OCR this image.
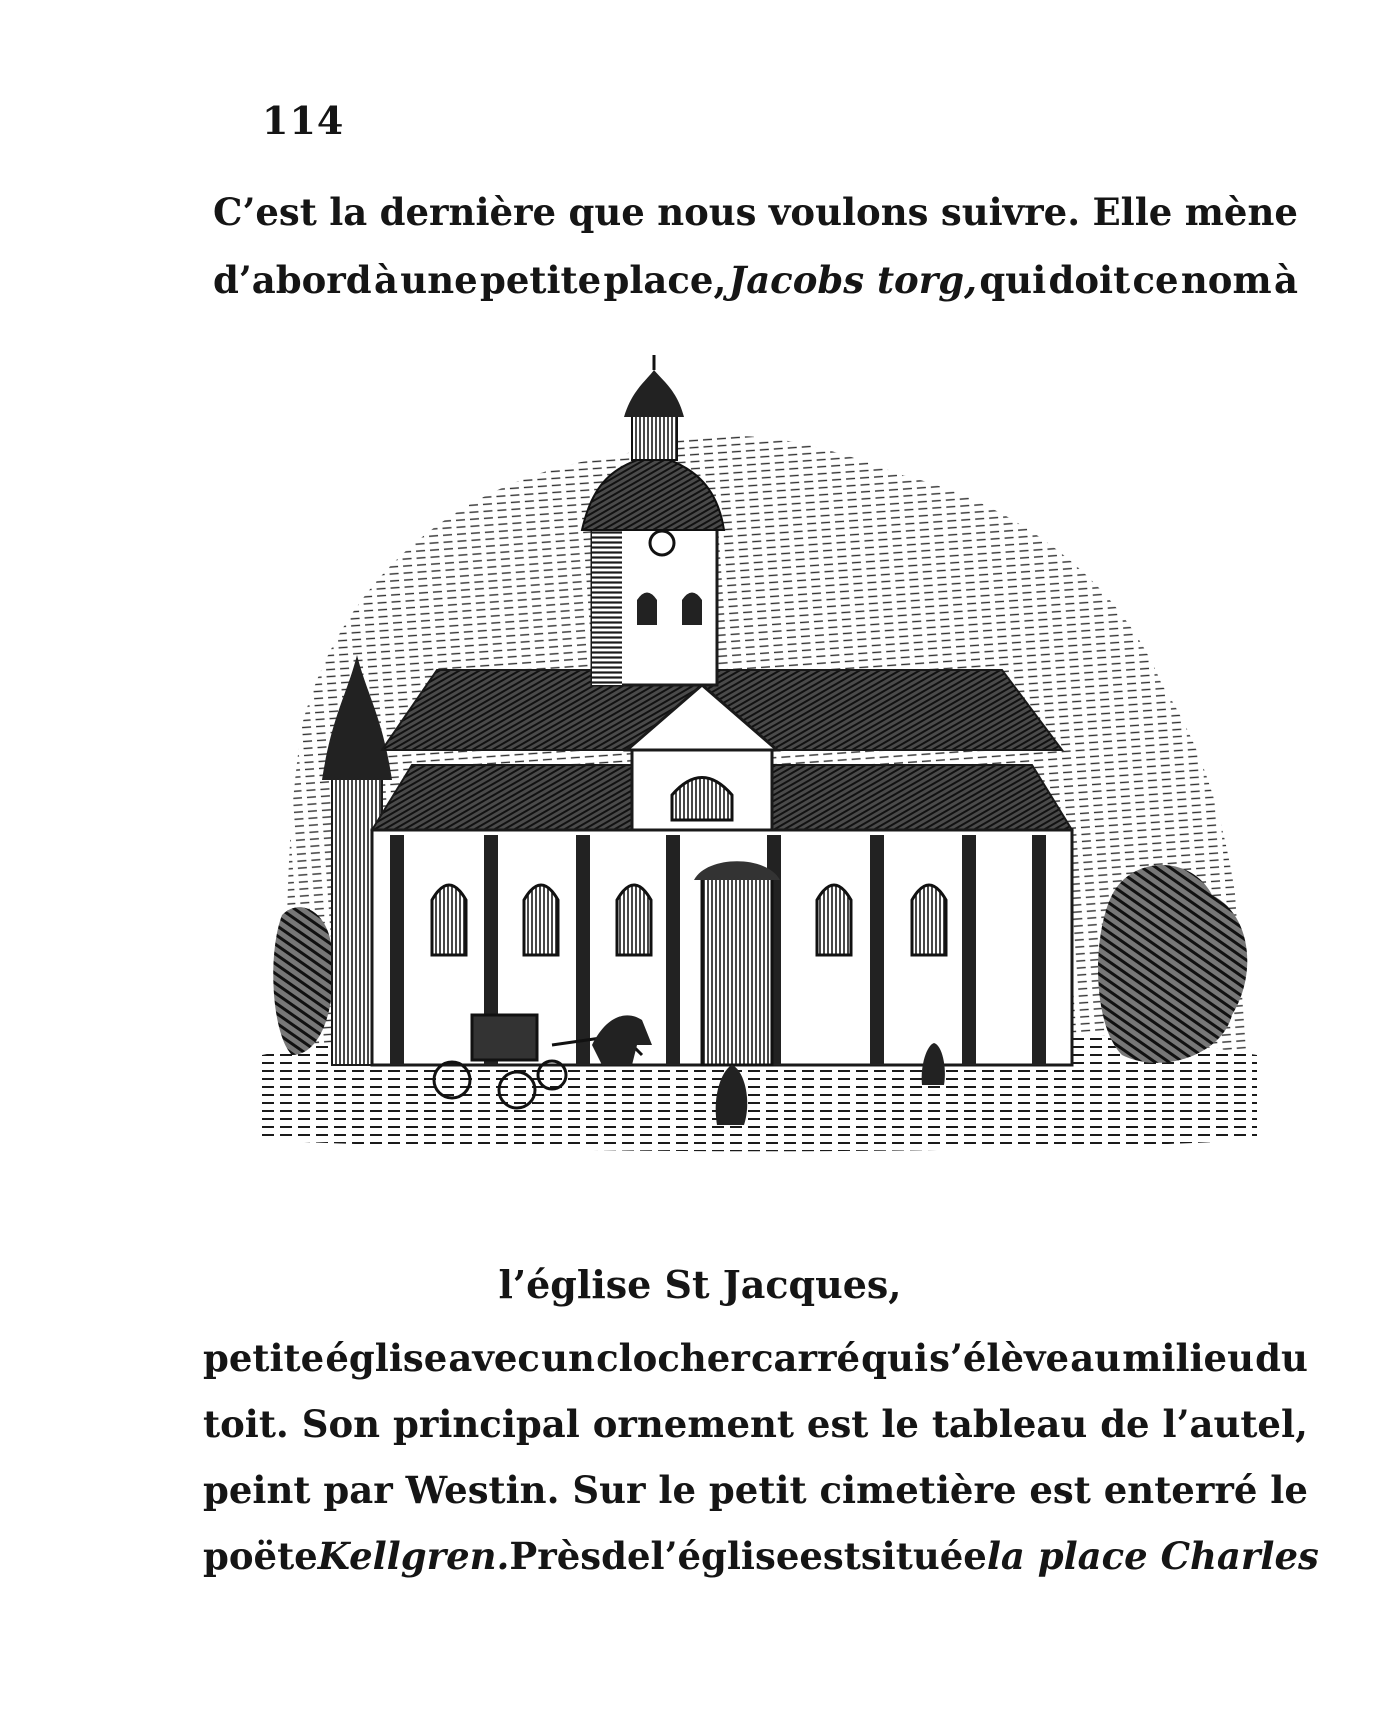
114
C’est la dernière que nous voulons suivre. Elle mène
d’abord à une petite place, Jacobs torg, qui doit ce nom à
l’église St Jacques,
petite église avec un clocher carré qui s’élève au milieu du
toit. Son principal ornement est le tableau de l’autel,
peint par Westin. Sur le petit cimetière est enterré le
poëte Kellgren. Près de l’église est située la place Charles
